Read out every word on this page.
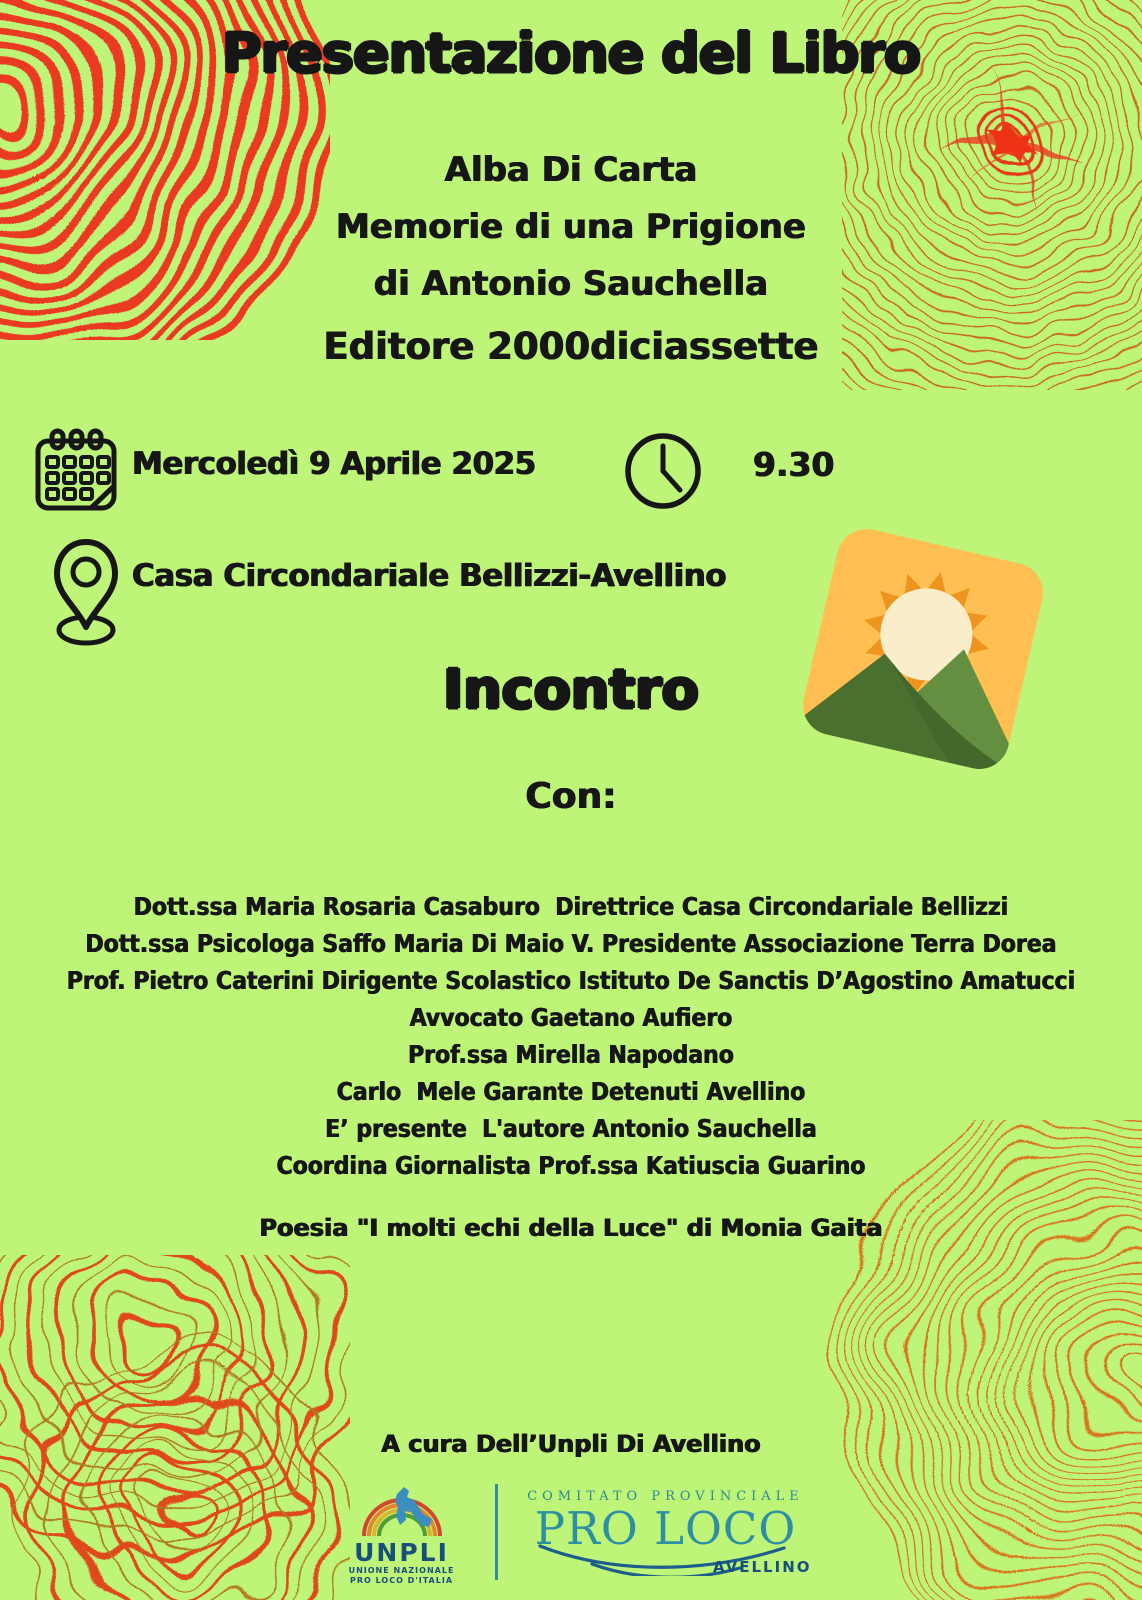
Presentazione del Libro
Alba Di Carta
Memorie di una Prigione
di Antonio Sauchella
Editore 2000diciassette
Mercoledì 9 Aprile 2025	9.30
Casa Circondariale Bellizzi-Avellino
Incontro
Con:
Dott.ssa Maria Rosaria Casaburo  Direttrice Casa Circondariale Bellizzi
Dott.ssa Psicologa Saffo Maria Di Maio V. Presidente Associazione Terra Dorea
Prof. Pietro Caterini Dirigente Scolastico Istituto De Sanctis D’Agostino Amatucci
Avvocato Gaetano Aufiero
Prof.ssa Mirella Napodano
Carlo  Mele Garante Detenuti Avellino
E’ presente  L'autore Antonio Sauchella
Coordina Giornalista Prof.ssa Katiuscia Guarino
Poesia "I molti echi della Luce" di Monia Gaita
A cura Dell’Unpli Di Avellino
UNPLI
UNIONE NAZIONALE
PRO LOCO D'ITALIA
COMITATO PROVINCIALE
PRO LOCO
AVELLINO
